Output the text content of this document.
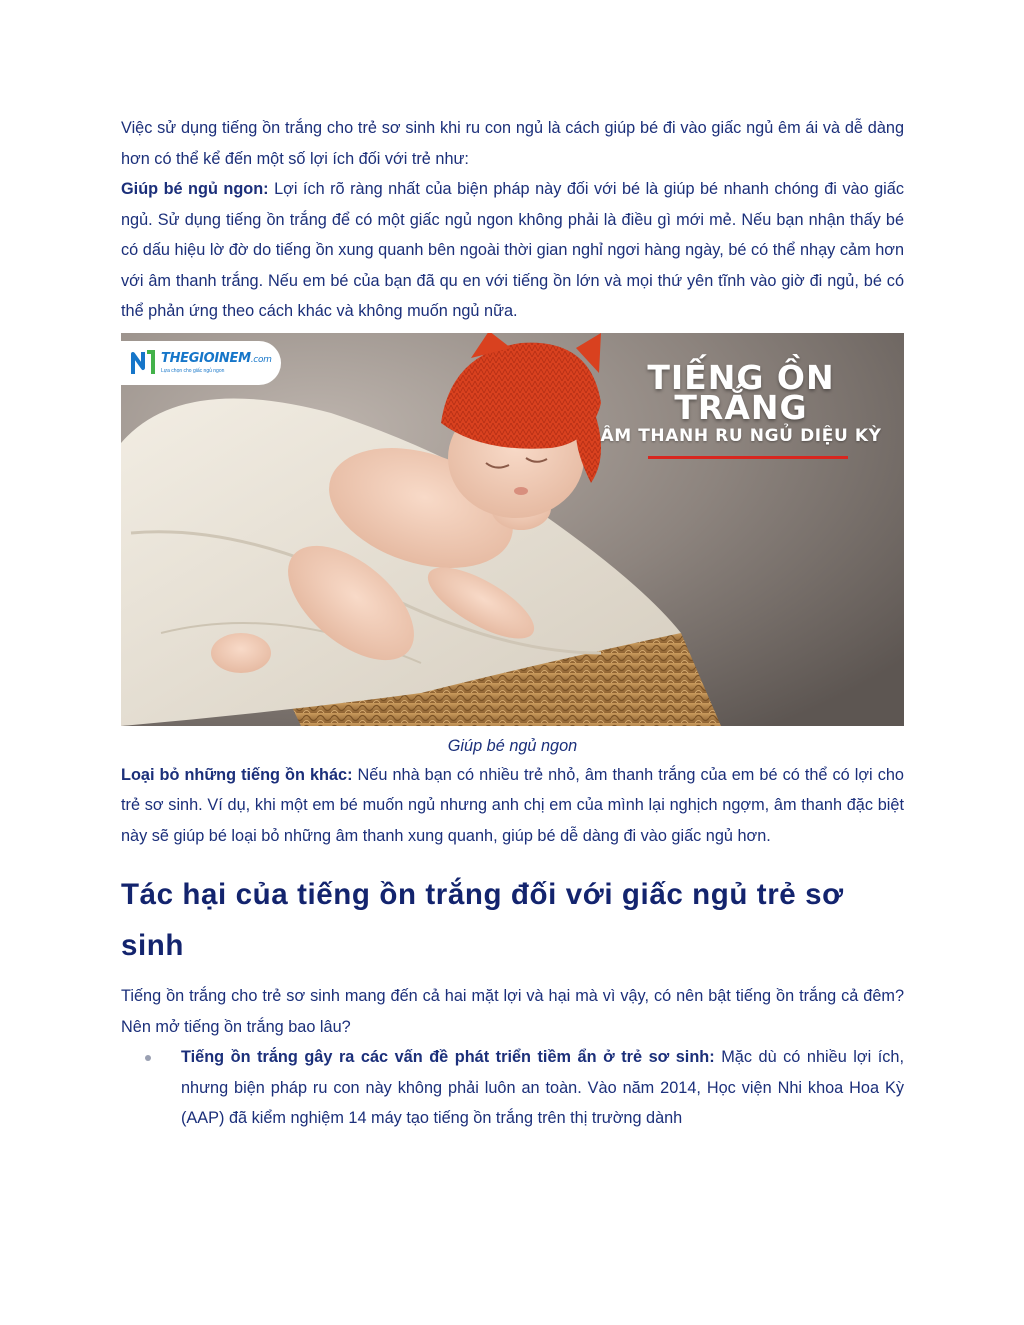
Việc sử dụng tiếng ồn trắng cho trẻ sơ sinh khi ru con ngủ là cách giúp bé đi vào giấc ngủ êm ái và dễ dàng hơn có thể kể đến một số lợi ích đối với trẻ như:

Giúp bé ngủ ngon: Lợi ích rõ ràng nhất của biện pháp này đối với bé là giúp bé nhanh chóng đi vào giấc ngủ. Sử dụng tiếng ồn trắng để có một giấc ngủ ngon không phải là điều gì mới mẻ. Nếu bạn nhận thấy bé có dấu hiệu lờ đờ do tiếng ồn xung quanh bên ngoài thời gian nghỉ ngơi hàng ngày, bé có thể nhạy cảm hơn với âm thanh trắng. Nếu em bé của bạn đã qu en với tiếng ồn lớn và mọi thứ yên tĩnh vào giờ đi ngủ, bé có thể phản ứng theo cách khác và không muốn ngủ nữa.

THEGIOINEM.com
Lựa chọn cho giấc ngủ ngon	TIẾNG ỒN TRẮNG
ÂM THANH RU NGỦ DIỆU KỲ
Giúp bé ngủ ngon

Loại bỏ những tiếng ồn khác: Nếu nhà bạn có nhiều trẻ nhỏ, âm thanh trắng của em bé có thể có lợi cho trẻ sơ sinh. Ví dụ, khi một em bé muốn ngủ nhưng anh chị em của mình lại nghịch ngợm, âm thanh đặc biệt này sẽ giúp bé loại bỏ những âm thanh xung quanh, giúp bé dễ dàng đi vào giấc ngủ hơn.

Tác hại của tiếng ồn trắng đối với giấc ngủ trẻ sơ sinh

Tiếng ồn trắng cho trẻ sơ sinh mang đến cả hai mặt lợi và hại mà vì vậy, có nên bật tiếng ồn trắng cả đêm? Nên mở tiếng ồn trắng bao lâu?

Tiếng ồn trắng gây ra các vấn đề phát triển tiềm ẩn ở trẻ sơ sinh: Mặc dù có nhiều lợi ích, nhưng biện pháp ru con này không phải luôn an toàn. Vào năm 2014, Học viện Nhi khoa Hoa Kỳ (AAP) đã kiểm nghiệm 14 máy tạo tiếng ồn trắng trên thị trường dành
